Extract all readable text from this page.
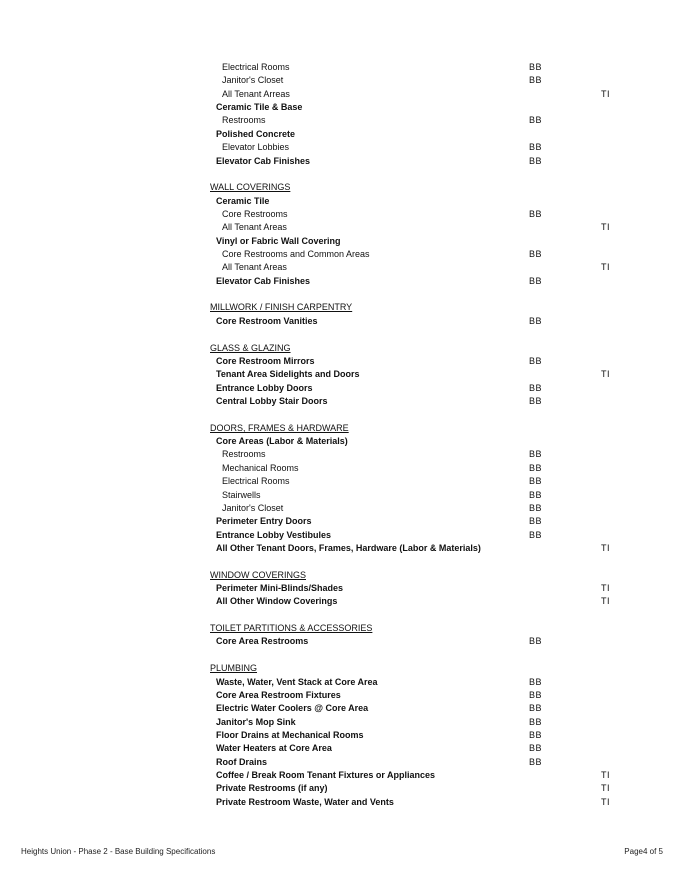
Electrical Rooms	BB
Janitor's Closet	BB
All Tenant Arreas	TI
Ceramic Tile & Base
Restrooms	BB
Polished Concrete
Elevator Lobbies	BB
Elevator Cab Finishes	BB
WALL COVERINGS
Ceramic Tile
Core Restrooms	BB
All Tenant Areas	TI
Vinyl or Fabric Wall Covering
Core Restrooms and Common Areas	BB
All Tenant Areas	TI
Elevator Cab Finishes	BB
MILLWORK / FINISH CARPENTRY
Core Restroom Vanities	BB
GLASS & GLAZING
Core Restroom Mirrors	BB
Tenant Area Sidelights and Doors	TI
Entrance Lobby Doors	BB
Central Lobby Stair Doors	BB
DOORS, FRAMES & HARDWARE
Core Areas (Labor & Materials)
Restrooms	BB
Mechanical Rooms	BB
Electrical Rooms	BB
Stairwells	BB
Janitor's Closet	BB
Perimeter Entry Doors	BB
Entrance Lobby Vestibules	BB
All Other Tenant Doors, Frames, Hardware (Labor & Materials)	TI
WINDOW COVERINGS
Perimeter Mini-Blinds/Shades	TI
All Other Window Coverings	TI
TOILET PARTITIONS & ACCESSORIES
Core Area Restrooms	BB
PLUMBING
Waste, Water, Vent Stack at Core Area	BB
Core Area Restroom Fixtures	BB
Electric Water Coolers @ Core Area	BB
Janitor's Mop Sink	BB
Floor Drains at Mechanical Rooms	BB
Water Heaters at Core Area	BB
Roof Drains	BB
Coffee / Break Room Tenant Fixtures or Appliances	TI
Private Restrooms (if any)	TI
Private Restroom Waste, Water and Vents	TI
Heights Union - Phase 2 - Base Building Specifications	Page4 of 5
